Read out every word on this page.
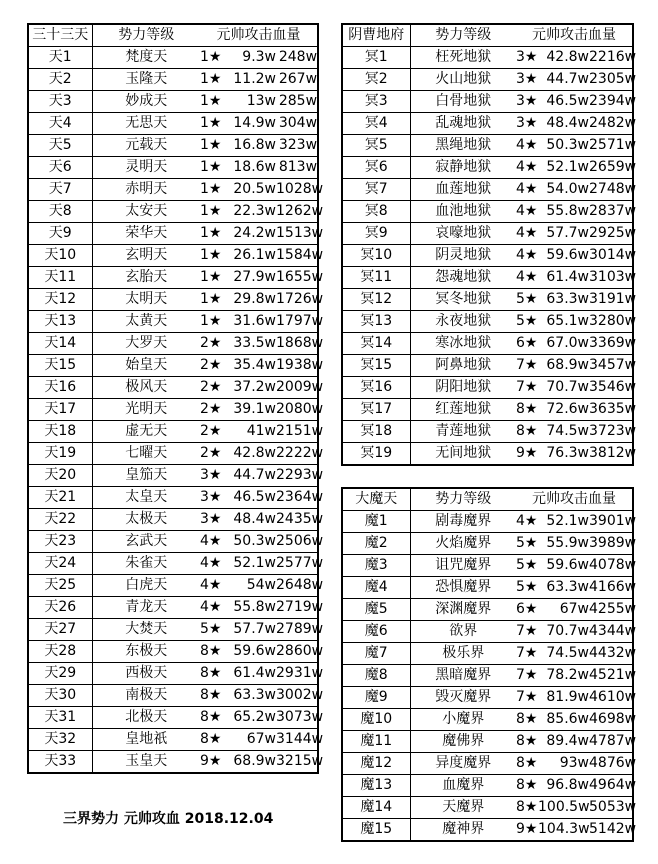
三十三天	势力等级	元帅攻击血量		
天1	梵度天	1★	9.3w	248w
天2	玉隆天	1★	11.2w	267w
天3	妙成天	1★	13w	285w
天4	无思天	1★	14.9w	304w
天5	元载天	1★	16.8w	323w
天6	灵明天	1★	18.6w	813w
天7	赤明天	1★	20.5w	1028w
天8	太安天	1★	22.3w	1262w
天9	荣华天	1★	24.2w	1513w
天10	玄明天	1★	26.1w	1584w
天11	玄胎天	1★	27.9w	1655w
天12	太明天	1★	29.8w	1726w
天13	太黄天	1★	31.6w	1797w
天14	大罗天	2★	33.5w	1868w
天15	始皇天	2★	35.4w	1938w
天16	极风天	2★	37.2w	2009w
天17	光明天	2★	39.1w	2080w
天18	虚无天	2★	41w	2151w
天19	七曜天	2★	42.8w	2222w
天20	皇笳天	3★	44.7w	2293w
天21	太皇天	3★	46.5w	2364w
天22	太极天	3★	48.4w	2435w
天23	玄武天	4★	50.3w	2506w
天24	朱雀天	4★	52.1w	2577w
天25	白虎天	4★	54w	2648w
天26	青龙天	4★	55.8w	2719w
天27	大焚天	5★	57.7w	2789w
天28	东极天	8★	59.6w	2860w
天29	西极天	8★	61.4w	2931w
天30	南极天	8★	63.3w	3002w
天31	北极天	8★	65.2w	3073w
天32	皇地祇	8★	67w	3144w
天33	玉皇天	9★	68.9w	3215w
阴曹地府	势力等级	元帅攻击血量		
冥1	枉死地狱	3★	42.8w	2216w
冥2	火山地狱	3★	44.7w	2305w
冥3	白骨地狱	3★	46.5w	2394w
冥4	乱魂地狱	3★	48.4w	2482w
冥5	黑绳地狱	4★	50.3w	2571w
冥6	寂静地狱	4★	52.1w	2659w
冥7	血莲地狱	4★	54.0w	2748w
冥8	血池地狱	4★	55.8w	2837w
冥9	哀嚎地狱	4★	57.7w	2925w
冥10	阴灵地狱	4★	59.6w	3014w
冥11	怨魂地狱	4★	61.4w	3103w
冥12	冥冬地狱	5★	63.3w	3191w
冥13	永夜地狱	5★	65.1w	3280w
冥14	寒冰地狱	6★	67.0w	3369w
冥15	阿鼻地狱	7★	68.9w	3457w
冥16	阴阳地狱	7★	70.7w	3546w
冥17	红莲地狱	8★	72.6w	3635w
冥18	青莲地狱	8★	74.5w	3723w
冥19	无间地狱	9★	76.3w	3812w
大魔天	势力等级	元帅攻击血量		
魔1	剧毒魔界	4★	52.1w	3901w
魔2	火焰魔界	5★	55.9w	3989w
魔3	诅咒魔界	5★	59.6w	4078w
魔4	恐惧魔界	5★	63.3w	4166w
魔5	深渊魔界	6★	67w	4255w
魔6	欲界	7★	70.7w	4344w
魔7	极乐界	7★	74.5w	4432w
魔8	黑暗魔界	7★	78.2w	4521w
魔9	毁灭魔界	7★	81.9w	4610w
魔10	小魔界	8★	85.6w	4698w
魔11	魔佛界	8★	89.4w	4787w
魔12	异度魔界	8★	93w	4876w
魔13	血魔界	8★	96.8w	4964w
魔14	天魔界	8★	100.5w	5053w
魔15	魔神界	9★	104.3w	5142w
三界势力 元帅攻血 2018.12.04
